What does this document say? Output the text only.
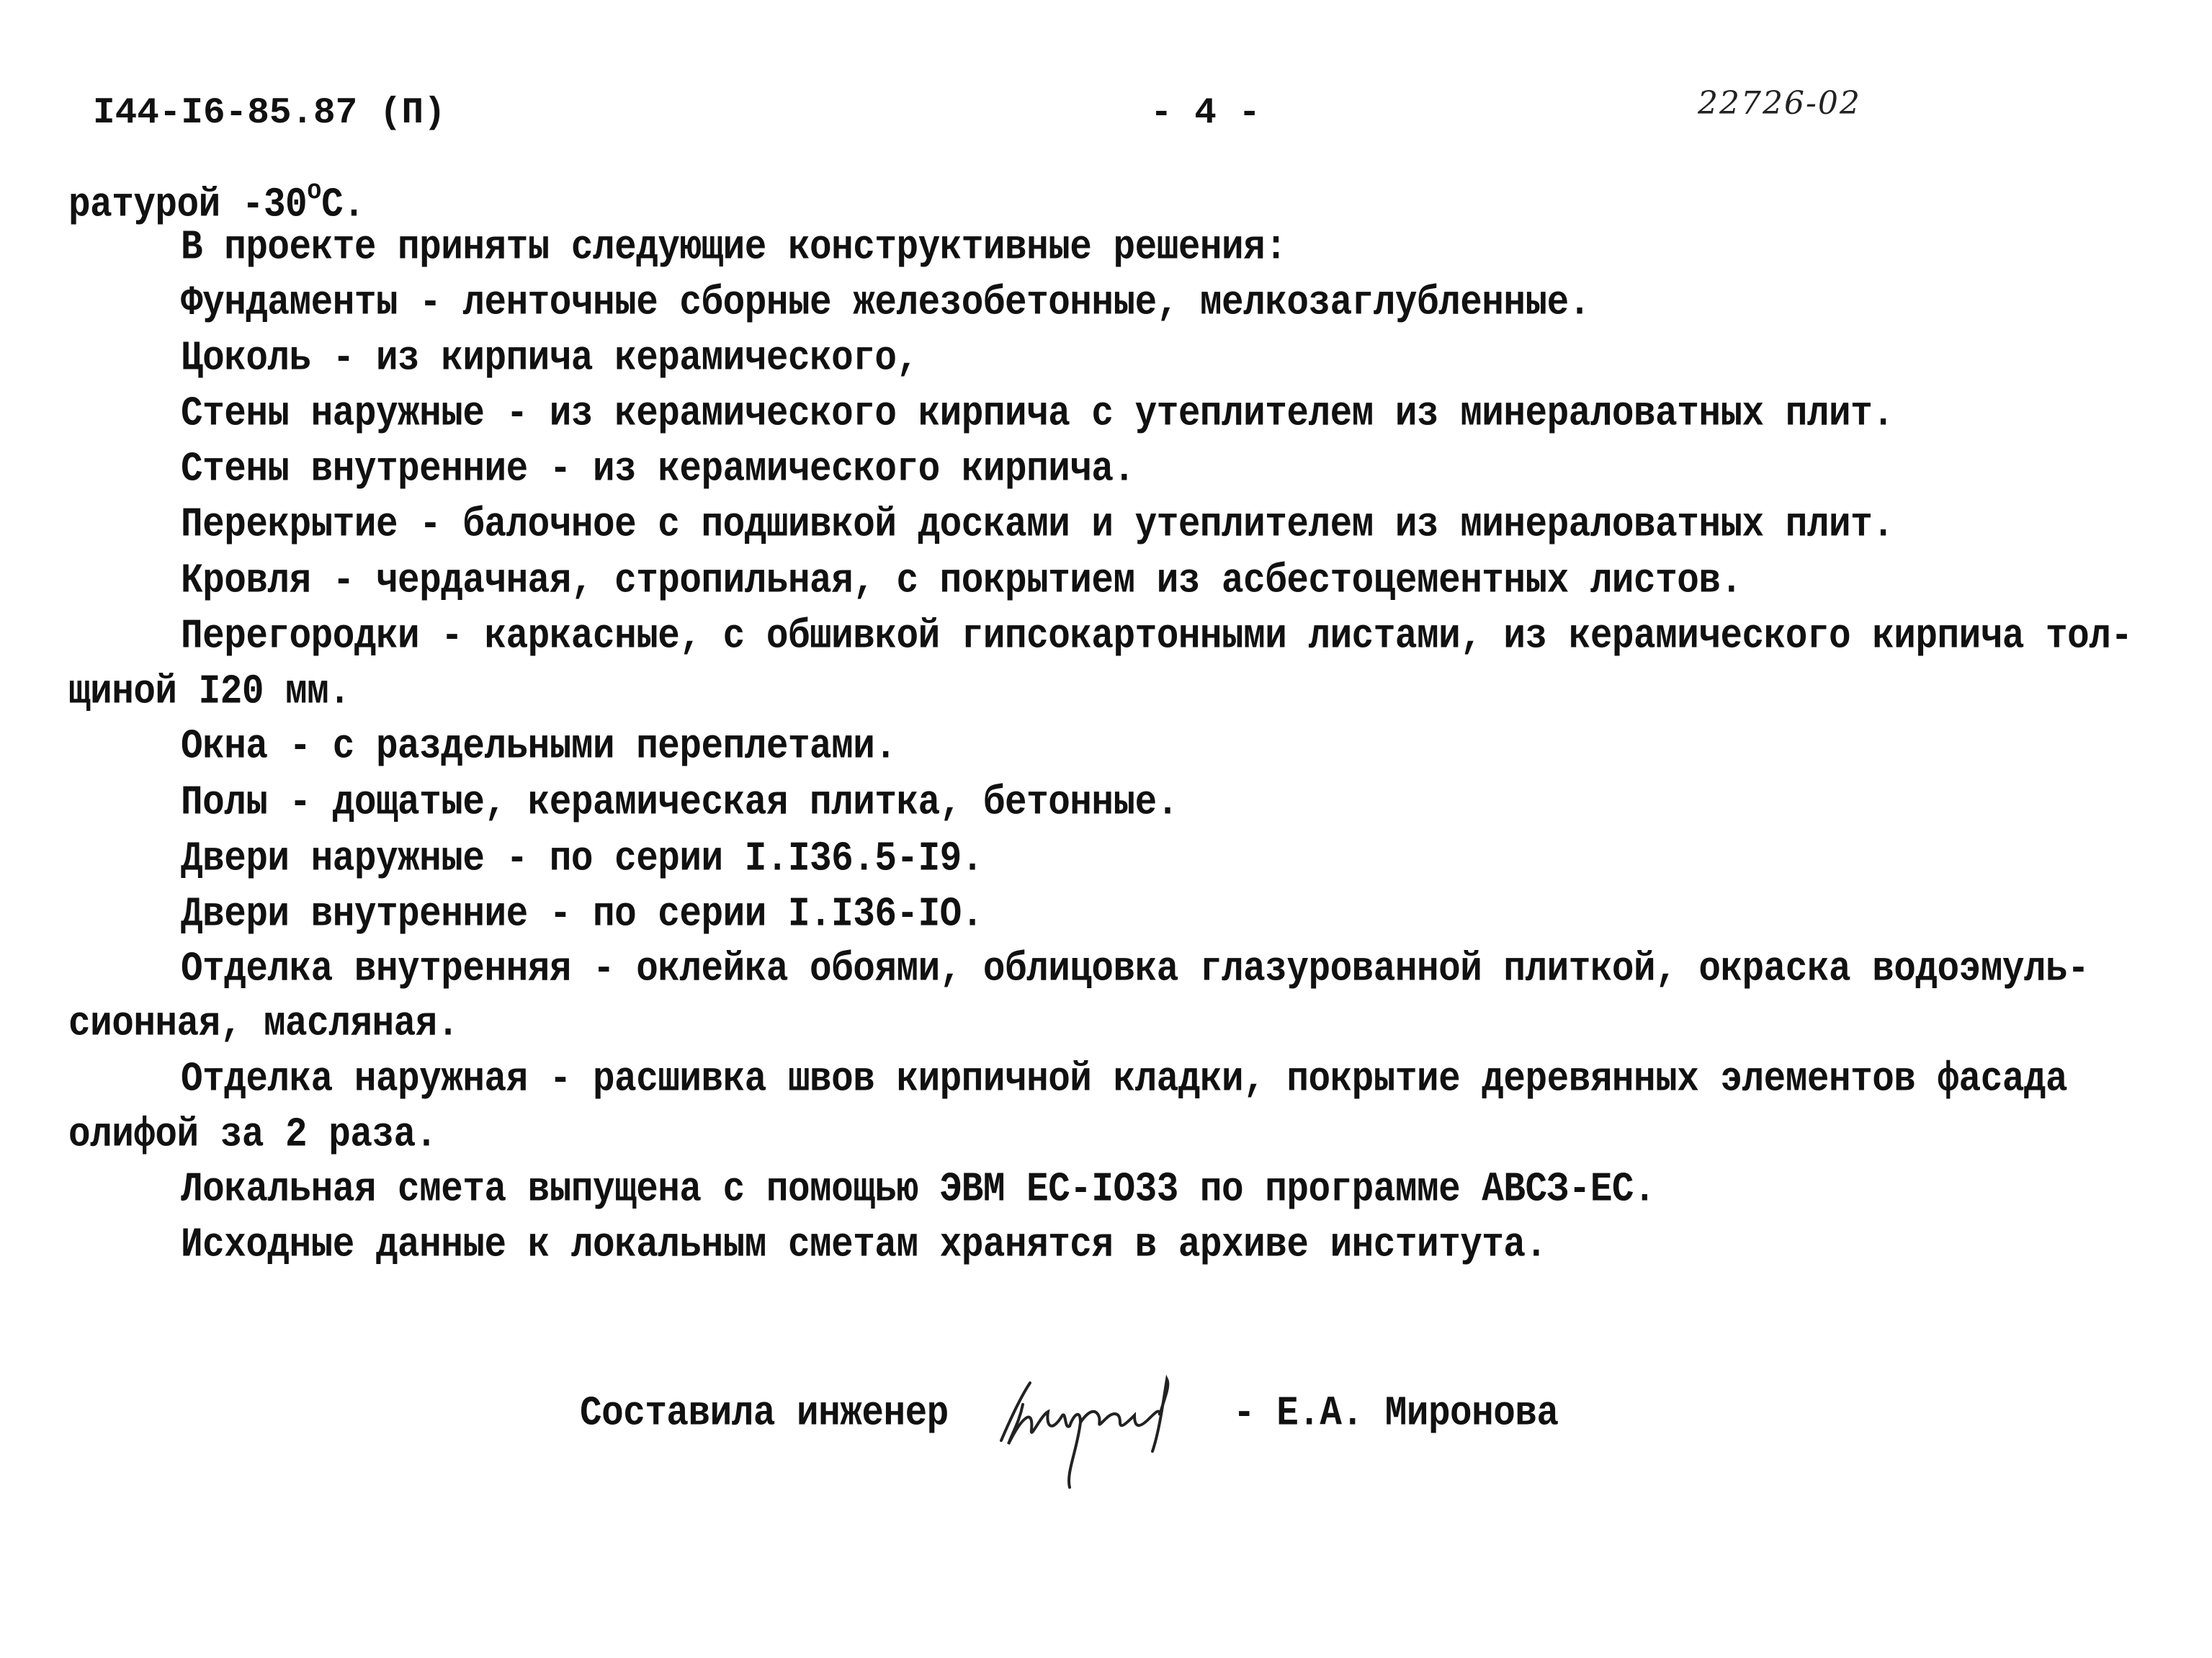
I44-I6-85.87 (П)	- 4 -	22726-02
ратурой -30$^o$С.
В проекте приняты следующие конструктивные решения:
Фундаменты - ленточные сборные железобетонные, мелкозаглубленные.
Цоколь - из кирпича керамического,
Стены наружные - из керамического кирпича с утеплителем из минераловатных плит.
Стены внутренние - из керамического кирпича.
Перекрытие - балочное с подшивкой досками и утеплителем из минераловатных плит.
Кровля - чердачная, стропильная, с покрытием из асбестоцементных листов.
Перегородки - каркасные, с обшивкой гипсокартонными листами, из керамического кирпича тол-
щиной I20 мм.
Окна - с раздельными переплетами.
Полы - дощатые, керамическая плитка, бетонные.
Двери наружные - по серии I.I36.5-I9.
Двери внутренние - по серии I.I36-IO.
Отделка внутренняя - оклейка обоями, облицовка глазурованной плиткой, окраска водоэмуль-
сионная, масляная.
Отделка наружная - расшивка швов кирпичной кладки, покрытие деревянных элементов фасада
олифой за 2 раза.
Локальная смета выпущена с помощью ЭВМ ЕС-IO33 по программе АВСЗ-ЕС.
Исходные данные к локальным сметам хранятся в архиве института.
Составила инженер	- Е.А. Миронова
